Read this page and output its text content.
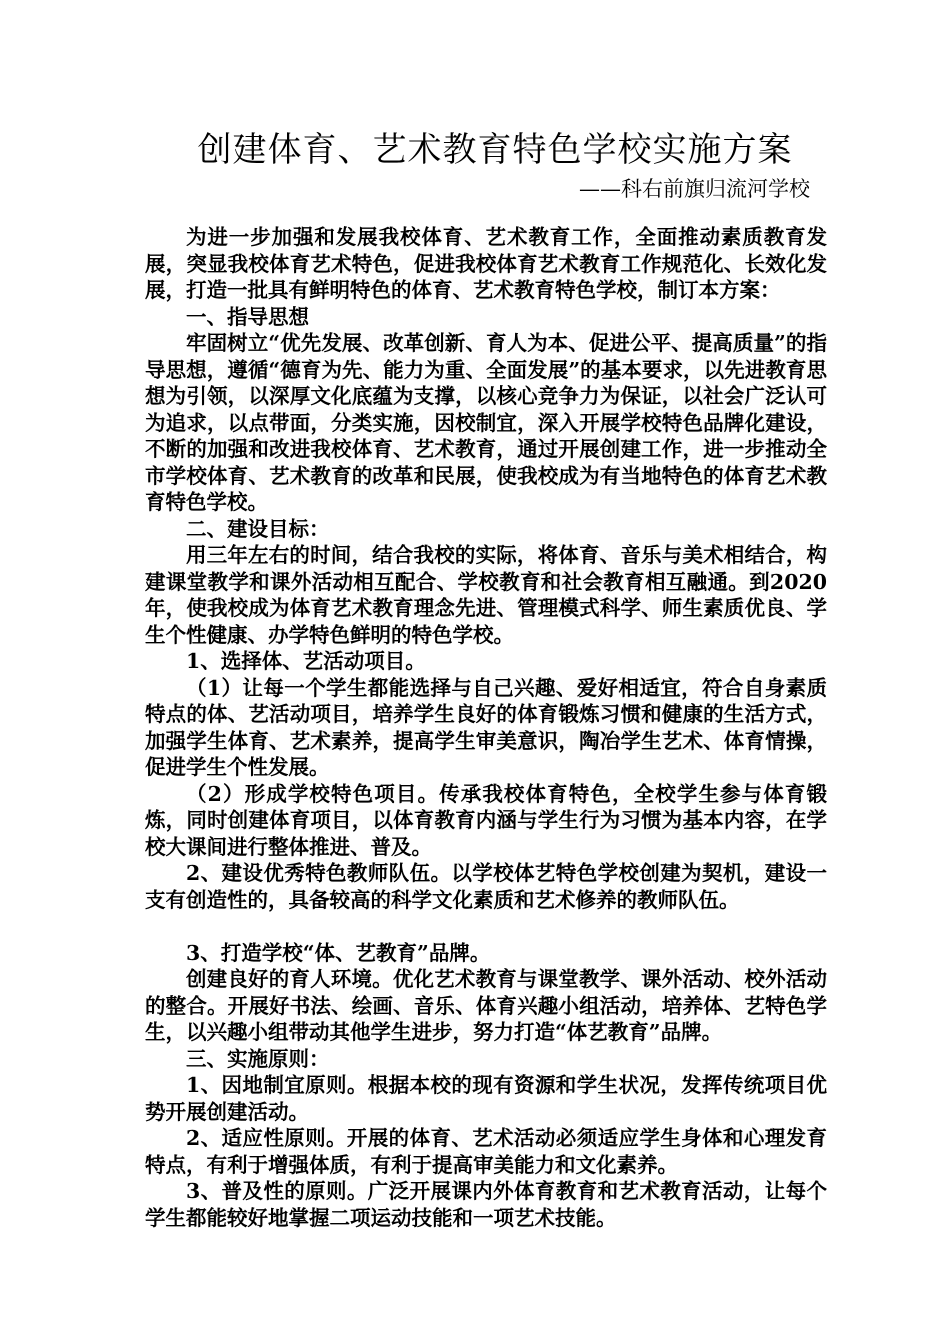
创建体育、艺术教育特色学校实施方案
——科右前旗归流河学校

为进一步加强和发展我校体育、艺术教育工作，全面推动素质教育发展，突显我校体育艺术特色，促进我校体育艺术教育工作规范化、长效化发展，打造一批具有鲜明特色的体育、艺术教育特色学校，制订本方案：

一、指导思想

牢固树立“优先发展、改革创新、育人为本、促进公平、提高质量”的指导思想，遵循“德育为先、能力为重、全面发展”的基本要求，以先进教育思想为引领，以深厚文化底蕴为支撑，以核心竞争力为保证，以社会广泛认可为追求，以点带面，分类实施，因校制宜，深入开展学校特色品牌化建设，不断的加强和改进我校体育、艺术教育，通过开展创建工作，进一步推动全市学校体育、艺术教育的改革和民展，使我校成为有当地特色的体育艺术教育特色学校。

二、建设目标：

用三年左右的时间，结合我校的实际，将体育、音乐与美术相结合，构建课堂教学和课外活动相互配合、学校教育和社会教育相互融通。到2020年，使我校成为体育艺术教育理念先进、管理模式科学、师生素质优良、学生个性健康、办学特色鲜明的特色学校。

1、选择体、艺活动项目。

（1）让每一个学生都能选择与自己兴趣、爱好相适宜，符合自身素质特点的体、艺活动项目，培养学生良好的体育锻炼习惯和健康的生活方式，加强学生体育、艺术素养，提高学生审美意识，陶冶学生艺术、体育情操，促进学生个性发展。

（2）形成学校特色项目。传承我校体育特色，全校学生参与体育锻炼，同时创建体育项目，以体育教育内涵与学生行为习惯为基本内容，在学校大课间进行整体推进、普及。

2、建设优秀特色教师队伍。以学校体艺特色学校创建为契机，建设一支有创造性的，具备较高的科学文化素质和艺术修养的教师队伍。

3、打造学校“体、艺教育”品牌。

创建良好的育人环境。优化艺术教育与课堂教学、课外活动、校外活动的整合。开展好书法、绘画、音乐、体育兴趣小组活动，培养体、艺特色学生，以兴趣小组带动其他学生进步，努力打造“体艺教育”品牌。

三、实施原则：

1、因地制宜原则。根据本校的现有资源和学生状况，发挥传统项目优势开展创建活动。

2、适应性原则。开展的体育、艺术活动必须适应学生身体和心理发育特点，有利于增强体质，有利于提高审美能力和文化素养。

3、普及性的原则。广泛开展课内外体育教育和艺术教育活动，让每个学生都能较好地掌握二项运动技能和一项艺术技能。
